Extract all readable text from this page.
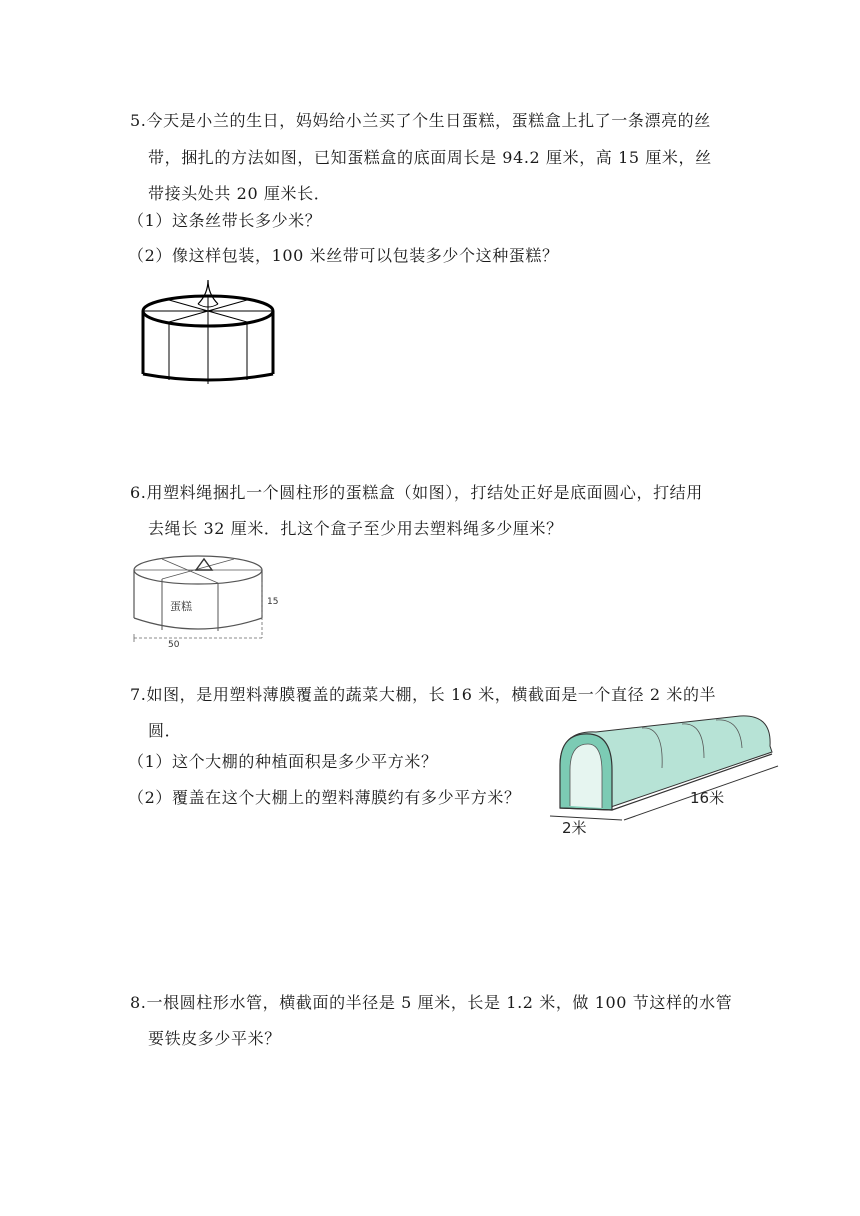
5.今天是小兰的生日，妈妈给小兰买了个生日蛋糕，蛋糕盒上扎了一条漂亮的丝
带，捆扎的方法如图，已知蛋糕盒的底面周长是 94.2 厘米，高 15 厘米，丝
带接头处共 20 厘米长．
（1）这条丝带长多少米？
（2）像这样包装，100 米丝带可以包装多少个这种蛋糕？
6.用塑料绳捆扎一个圆柱形的蛋糕盒（如图），打结处正好是底面圆心，打结用
去绳长 32 厘米．扎这个盒子至少用去塑料绳多少厘米？
蛋糕	15
50
7.如图，是用塑料薄膜覆盖的蔬菜大棚，长 16 米，横截面是一个直径 2 米的半
圆．
（1）这个大棚的种植面积是多少平方米？
（2）覆盖在这个大棚上的塑料薄膜约有多少平方米？	16米
2米
8.一根圆柱形水管，横截面的半径是 5 厘米，长是 1.2 米，做 100 节这样的水管
要铁皮多少平米？
